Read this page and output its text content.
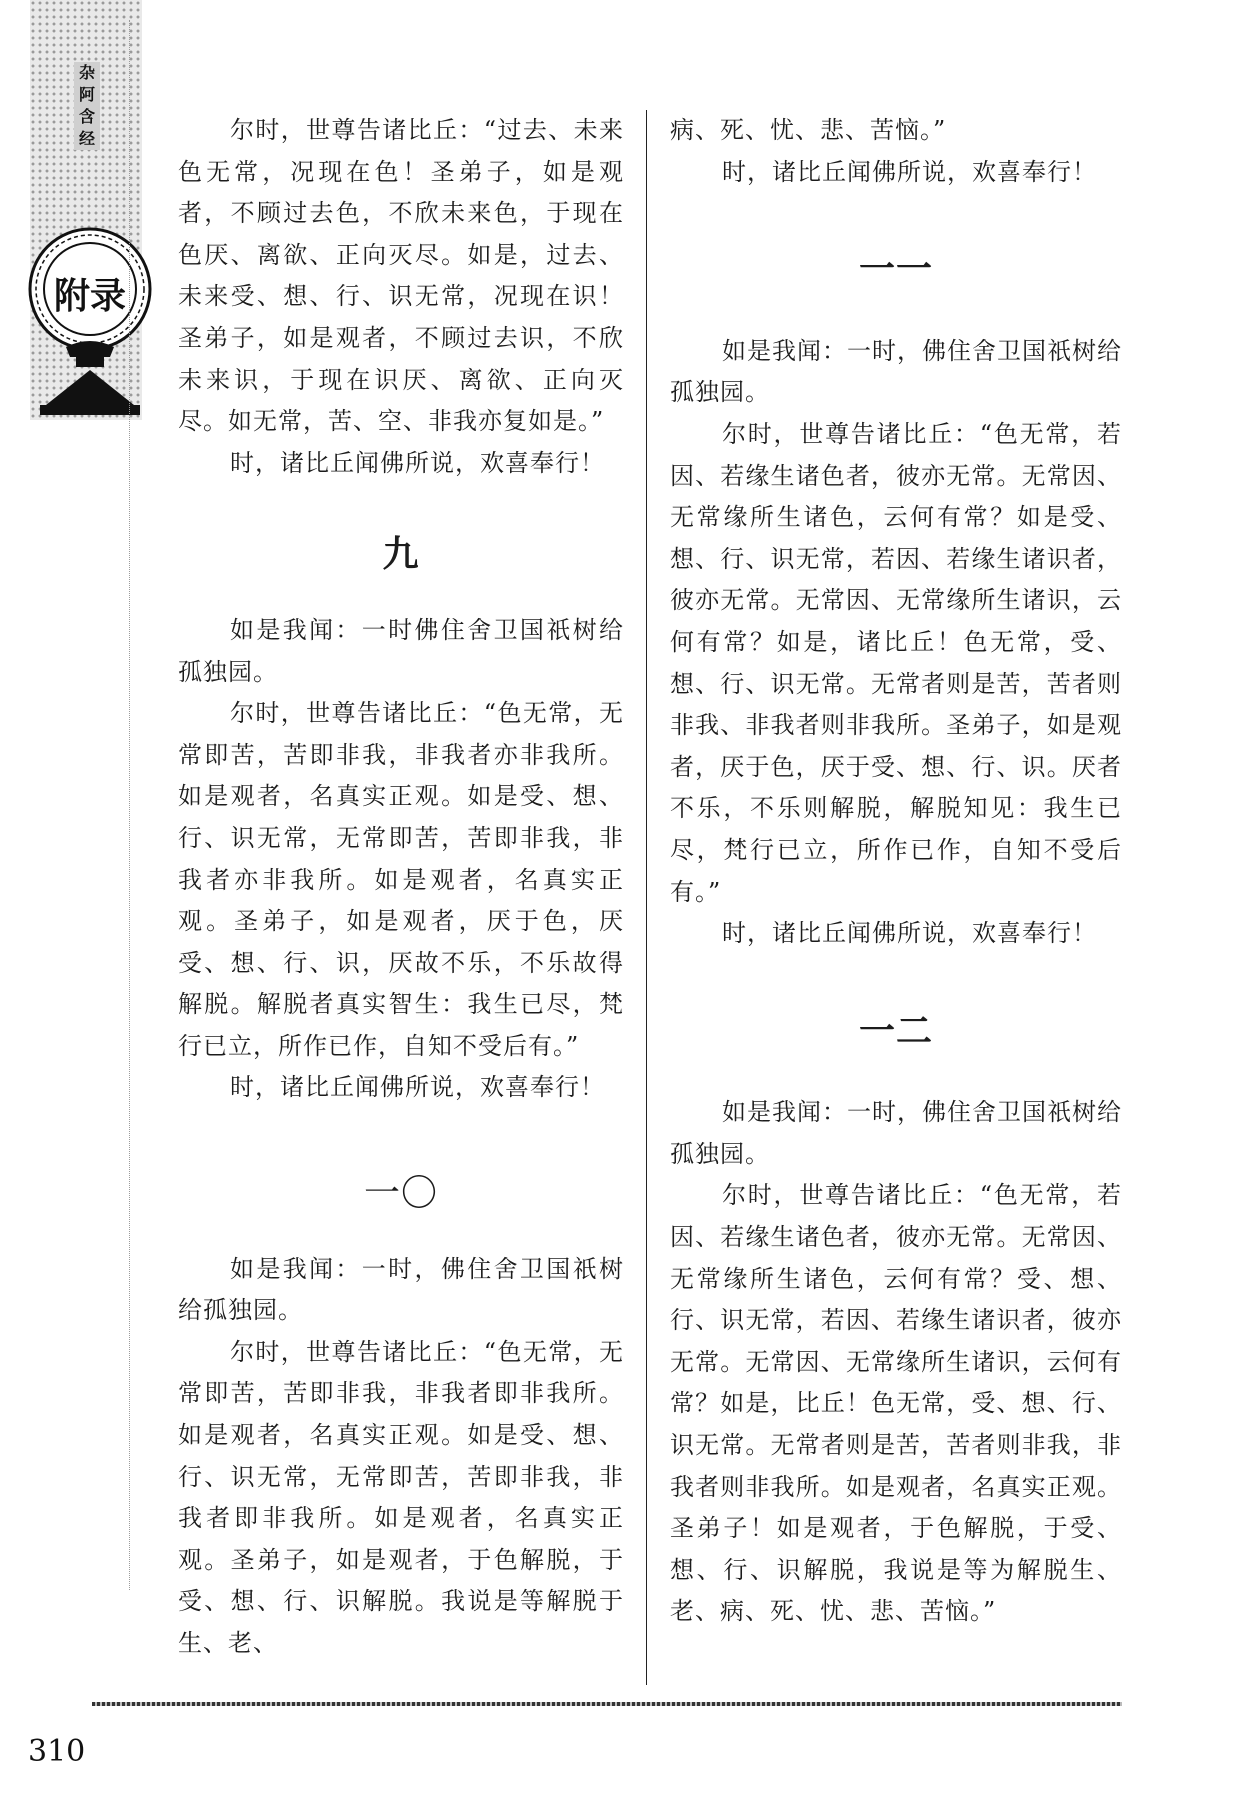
杂
阿
含
经
附录

尔时，世尊告诸比丘：“过去、未来色无常，况现在色！圣弟子，如是观者，不顾过去色，不欣未来色，于现在色厌、离欲、正向灭尽。如是，过去、未来受、想、行、识无常，况现在识！圣弟子，如是观者，不顾过去识，不欣未来识，于现在识厌、离欲、正向灭尽。如无常，苦、空、非我亦复如是。”

时，诸比丘闻佛所说，欢喜奉行！

九

如是我闻：一时佛住舍卫国祇树给孤独园。

尔时，世尊告诸比丘：“色无常，无常即苦，苦即非我，非我者亦非我所。如是观者，名真实正观。如是受、想、行、识无常，无常即苦，苦即非我，非我者亦非我所。如是观者，名真实正观。圣弟子，如是观者，厌于色，厌受、想、行、识，厌故不乐，不乐故得解脱。解脱者真实智生：我生已尽，梵行已立，所作已作，自知不受后有。”

时，诸比丘闻佛所说，欢喜奉行！

一〇

如是我闻：一时，佛住舍卫国祇树给孤独园。

尔时，世尊告诸比丘：“色无常，无常即苦，苦即非我，非我者即非我所。如是观者，名真实正观。如是受、想、行、识无常，无常即苦，苦即非我，非我者即非我所。如是观者，名真实正观。圣弟子，如是观者，于色解脱，于受、想、行、识解脱。我说是等解脱于生、老、

病、死、忧、悲、苦恼。”

时，诸比丘闻佛所说，欢喜奉行！

一一

如是我闻：一时，佛住舍卫国祇树给孤独园。

尔时，世尊告诸比丘：“色无常，若因、若缘生诸色者，彼亦无常。无常因、无常缘所生诸色，云何有常？如是受、想、行、识无常，若因、若缘生诸识者，彼亦无常。无常因、无常缘所生诸识，云何有常？如是，诸比丘！色无常，受、想、行、识无常。无常者则是苦，苦者则非我、非我者则非我所。圣弟子，如是观者，厌于色，厌于受、想、行、识。厌者不乐，不乐则解脱，解脱知见：我生已尽，梵行已立，所作已作，自知不受后有。”

时，诸比丘闻佛所说，欢喜奉行！

一二

如是我闻：一时，佛住舍卫国祇树给孤独园。

尔时，世尊告诸比丘：“色无常，若因、若缘生诸色者，彼亦无常。无常因、无常缘所生诸色，云何有常？受、想、行、识无常，若因、若缘生诸识者，彼亦无常。无常因、无常缘所生诸识，云何有常？如是，比丘！色无常，受、想、行、识无常。无常者则是苦，苦者则非我，非我者则非我所。如是观者，名真实正观。圣弟子！如是观者，于色解脱，于受、想、行、识解脱，我说是等为解脱生、老、病、死、忧、悲、苦恼。”

310
